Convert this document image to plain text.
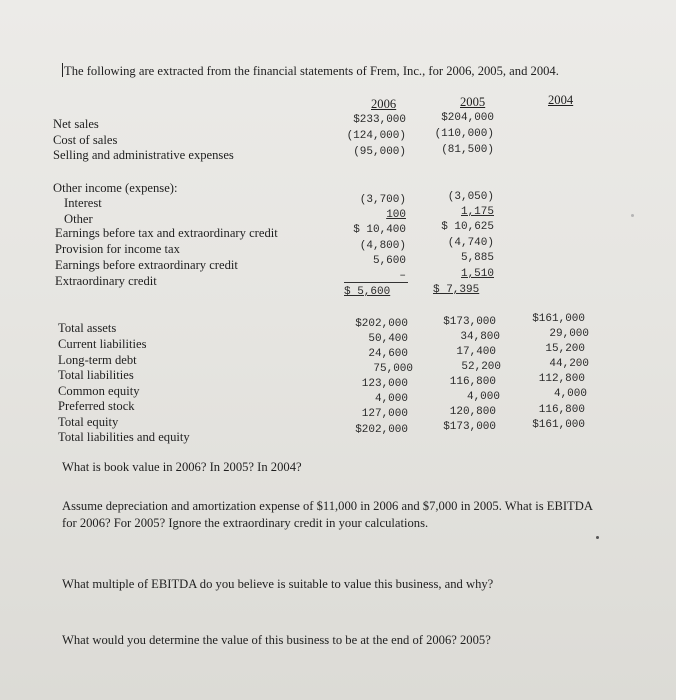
The following are extracted from the financial statements of Frem, Inc., for 2006, 2005, and 2004.
2006	2005	2004
Net sales
Cost of sales
Selling and administrative expenses
$233,000
(124,000)
(95,000)
$204,000
(110,000)
(81,500)
Other income (expense):
Interest
Other
Earnings before tax and extraordinary credit
Provision for income tax
Earnings before extraordinary credit
Extraordinary credit
(3,700)
100
$ 10,400
(4,800)
5,600
–
$ 5,600
(3,050)
1,175
$ 10,625
(4,740)
5,885
1,510
$ 7,395
Total assets
Current liabilities
Long-term debt
Total liabilities
Common equity
Preferred stock
Total equity
Total liabilities and equity
$202,000
50,400
24,600
75,000
123,000
4,000
127,000
$202,000
$173,000
34,800
17,400
52,200
116,800
4,000
120,800
$173,000
$161,000
29,000
15,200
44,200
112,800
4,000
116,800
$161,000
What is book value in 2006? In 2005? In 2004?
Assume depreciation and amortization expense of $11,000 in 2006 and $7,000 in 2005. What is EBITDA
for 2006? For 2005? Ignore the extraordinary credit in your calculations.
What multiple of EBITDA do you believe is suitable to value this business, and why?
What would you determine the value of this business to be at the end of 2006? 2005?
